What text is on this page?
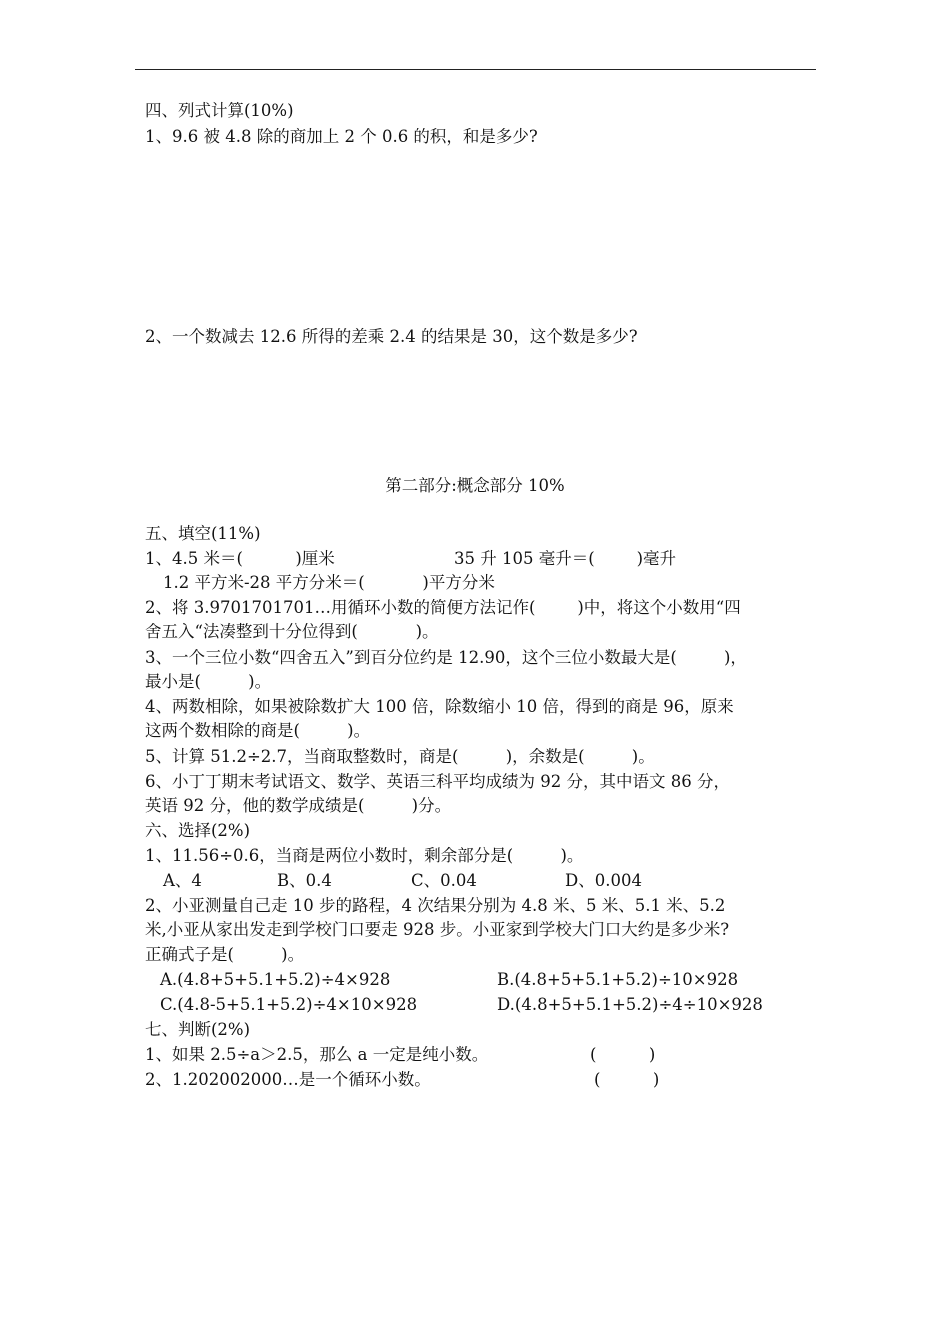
四、列式计算(10%)
1、9.6 被 4.8 除的商加上 2 个 0.6 的积，和是多少?
2、一个数减去 12.6 所得的差乘 2.4 的结果是 30，这个数是多少?
第二部分:概念部分 10%
五、填空(11%)
1、4.5 米＝(          )厘米	35 升 105 毫升＝(        )毫升
1.2 平方米-28 平方分米＝(           )平方分米
2、将 3.9701701701…用循环小数的简便方法记作(        )中，将这个小数用“四
舍五入“法凑整到十分位得到(           )。
3、一个三位小数“四舍五入”到百分位约是 12.90，这个三位小数最大是(         )，
最小是(         )。
4、两数相除，如果被除数扩大 100 倍，除数缩小 10 倍，得到的商是 96，原来
这两个数相除的商是(         )。
5、计算 51.2÷2.7，当商取整数时，商是(         )，余数是(         )。
6、小丁丁期末考试语文、数学、英语三科平均成绩为 92 分，其中语文 86 分，
英语 92 分，他的数学成绩是(         )分。
六、选择(2%)
1、11.56÷0.6，当商是两位小数时，剩余部分是(         )。
A、4	B、0.4	C、0.04	D、0.004
2、小亚测量自己走 10 步的路程，4 次结果分别为 4.8 米、5 米、5.1 米、5.2
米,小亚从家出发走到学校门口要走 928 步。小亚家到学校大门口大约是多少米?
正确式子是(         )。
A.(4.8+5+5.1+5.2)÷4×928	B.(4.8+5+5.1+5.2)÷10×928
C.(4.8-5+5.1+5.2)÷4×10×928	D.(4.8+5+5.1+5.2)÷4÷10×928
七、判断(2%)
1、如果 2.5÷a＞2.5，那么 a 一定是纯小数。	(          )
2、1.202002000…是一个循环小数。	(          )
